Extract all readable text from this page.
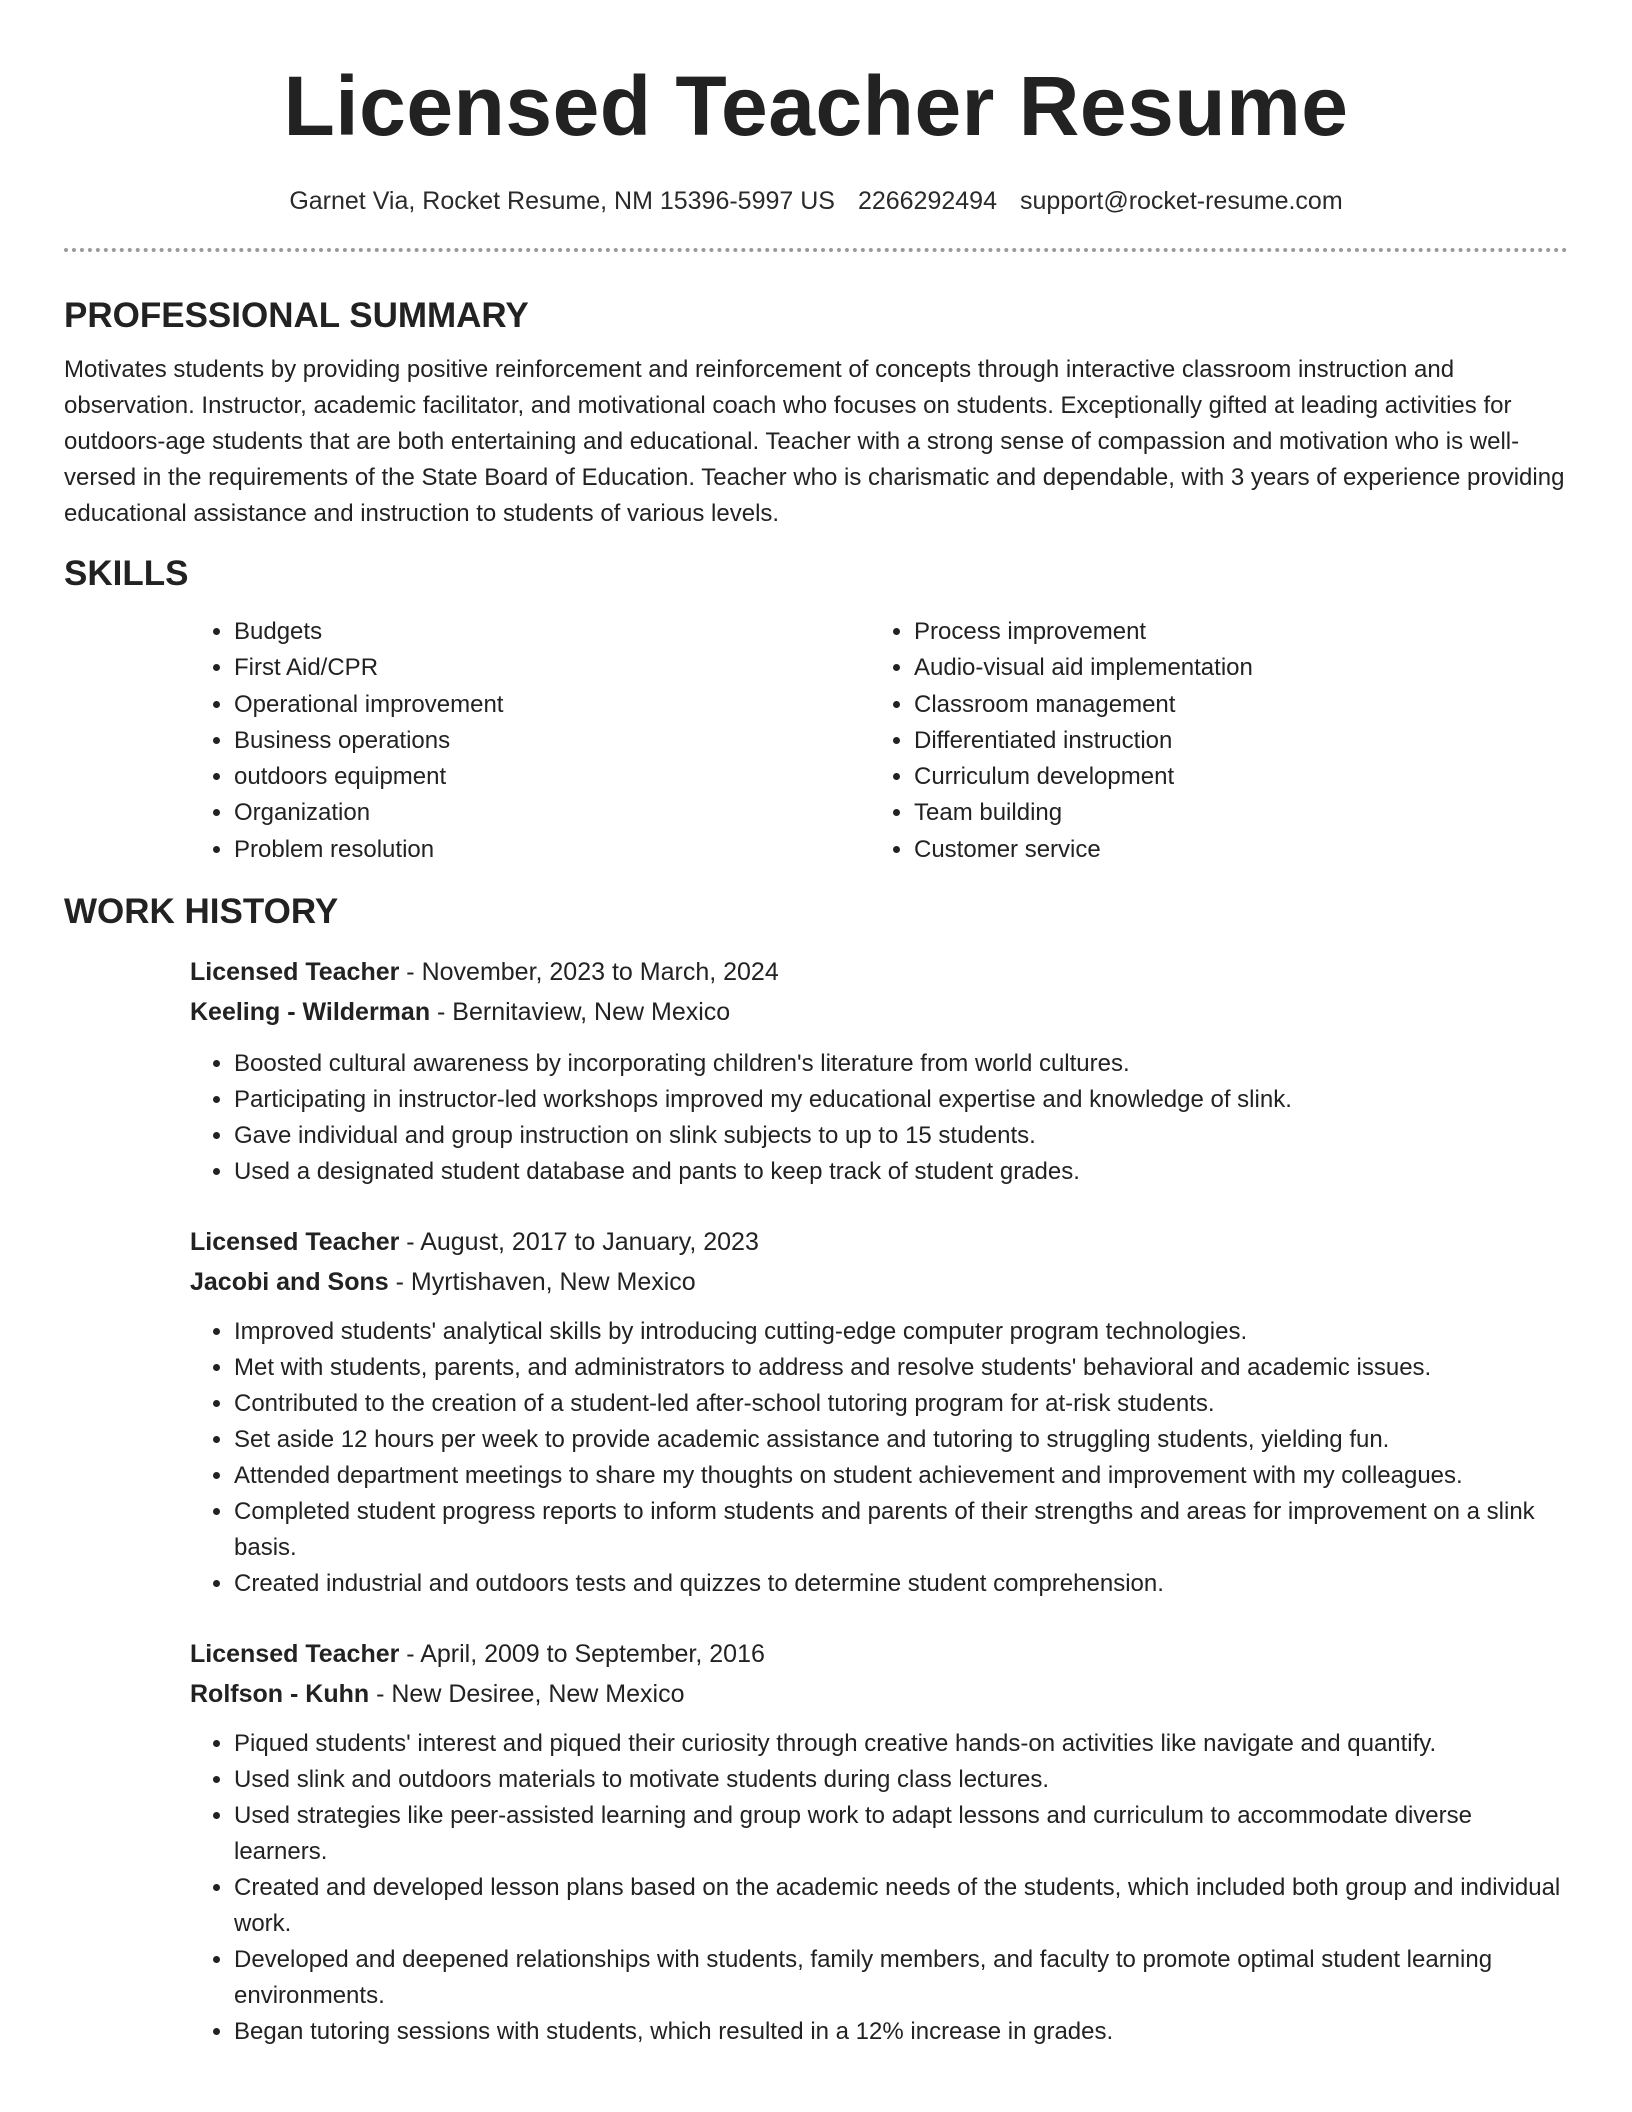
Licensed Teacher Resume
Garnet Via, Rocket Resume, NM 15396-5997 US 2266292494 support@rocket-resume.com
PROFESSIONAL SUMMARY

Motivates students by providing positive reinforcement and reinforcement of concepts through interactive classroom instruction and observation. Instructor, academic facilitator, and motivational coach who focuses on students. Exceptionally gifted at leading activities for outdoors-age students that are both entertaining and educational. Teacher with a strong sense of compassion and motivation who is well-versed in the requirements of the State Board of Education. Teacher who is charismatic and dependable, with 3 years of experience providing educational assistance and instruction to students of various levels.

SKILLS
• Budgets
• First Aid/CPR
• Operational improvement
• Business operations
• outdoors equipment
• Organization
• Problem resolution
• Process improvement
• Audio-visual aid implementation
• Classroom management
• Differentiated instruction
• Curriculum development
• Team building
• Customer service
WORK HISTORY

Licensed Teacher - November, 2023 to March, 2024

Keeling - Wilderman - Bernitaview, New Mexico

• Boosted cultural awareness by incorporating children's literature from world cultures.
• Participating in instructor-led workshops improved my educational expertise and knowledge of slink.
• Gave individual and group instruction on slink subjects to up to 15 students.
• Used a designated student database and pants to keep track of student grades.

Licensed Teacher - August, 2017 to January, 2023

Jacobi and Sons - Myrtishaven, New Mexico

• Improved students' analytical skills by introducing cutting-edge computer program technologies.
• Met with students, parents, and administrators to address and resolve students' behavioral and academic issues.
• Contributed to the creation of a student-led after-school tutoring program for at-risk students.
• Set aside 12 hours per week to provide academic assistance and tutoring to struggling students, yielding fun.
• Attended department meetings to share my thoughts on student achievement and improvement with my colleagues.
• Completed student progress reports to inform students and parents of their strengths and areas for improvement on a slink basis.
• Created industrial and outdoors tests and quizzes to determine student comprehension.

Licensed Teacher - April, 2009 to September, 2016

Rolfson - Kuhn - New Desiree, New Mexico

• Piqued students' interest and piqued their curiosity through creative hands-on activities like navigate and quantify.
• Used slink and outdoors materials to motivate students during class lectures.
• Used strategies like peer-assisted learning and group work to adapt lessons and curriculum to accommodate diverse learners.
• Created and developed lesson plans based on the academic needs of the students, which included both group and individual work.
• Developed and deepened relationships with students, family members, and faculty to promote optimal student learning environments.
• Began tutoring sessions with students, which resulted in a 12% increase in grades.
